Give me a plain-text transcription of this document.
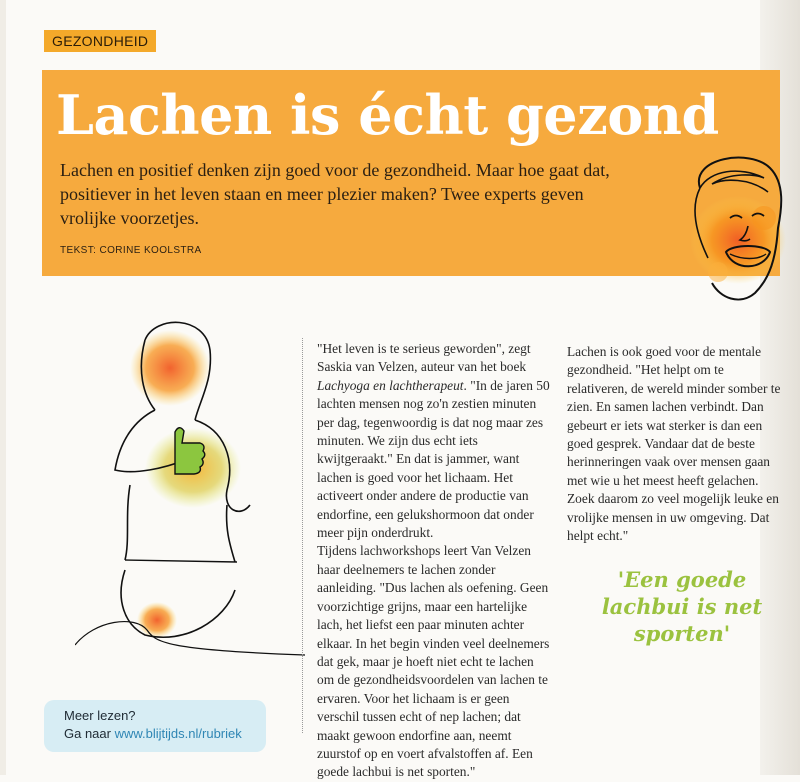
GEZONDHEID
Lachen is écht gezond

Lachen en positief denken zijn goed voor de gezondheid. Maar hoe gaat dat, positiever in het leven staan en meer plezier maken? Twee experts geven vrolijke voorzetjes.

TEKST: CORINE KOOLSTRA

"Het leven is te serieus geworden", zegt Saskia van Velzen, auteur van het boek Lachyoga en lachtherapeut. "In de jaren 50 lachten mensen nog zo'n zestien minuten per dag, tegenwoordig is dat nog maar zes minuten. We zijn dus echt iets kwijtgeraakt." En dat is jammer, want lachen is goed voor het lichaam. Het activeert onder andere de productie van endorfine, een gelukshormoon dat onder meer pijn onderdrukt.

Tijdens lachworkshops leert Van Velzen haar deelnemers te lachen zonder aanleiding. "Dus lachen als oefening. Geen voorzichtige grijns, maar een hartelijke lach, het liefst een paar minuten achter elkaar. In het begin vinden veel deelnemers dat gek, maar je hoeft niet echt te lachen om de gezondheidsvoordelen van lachen te ervaren. Voor het lichaam is er geen verschil tussen echt of nep lachen; dat maakt gewoon endorfine aan, neemt zuurstof op en voert afvalstoffen af. Een goede lachbui is net sporten."

Lachen is ook goed voor de mentale gezondheid. "Het helpt om te relativeren, de wereld minder somber te zien. En samen lachen verbindt. Dan gebeurt er iets wat sterker is dan een goed gesprek. Vandaar dat de beste herinneringen vaak over mensen gaan met wie u het meest heeft gelachen. Zoek daarom zo veel mogelijk leuke en vrolijke mensen in uw omgeving. Dat helpt echt."

'Een goede lachbui is net sporten'

Meer lezen?
Ga naar www.blijtijds.nl/rubriek
